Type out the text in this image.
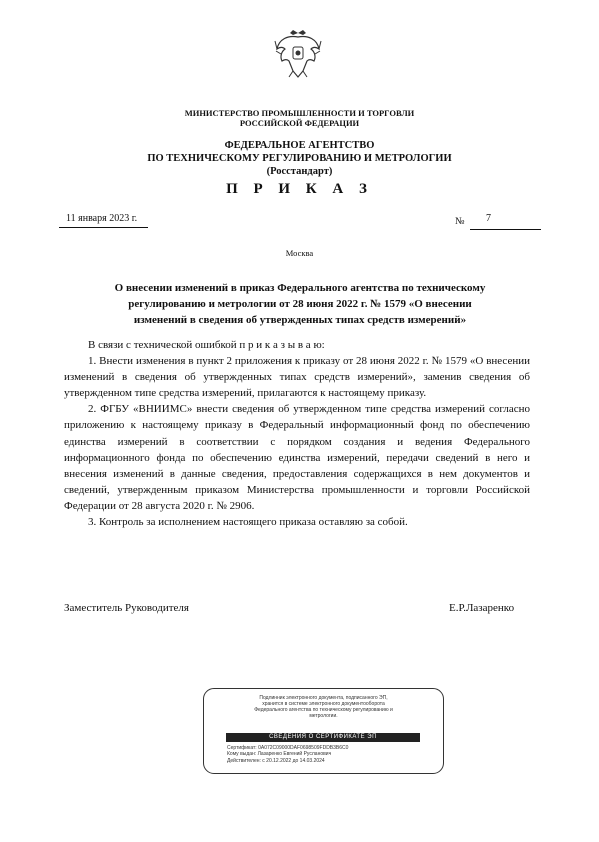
МИНИСТЕРСТВО ПРОМЫШЛЕННОСТИ И ТОРГОВЛИ
РОССИЙСКОЙ ФЕДЕРАЦИИ
ФЕДЕРАЛЬНОЕ АГЕНТСТВО
ПО ТЕХНИЧЕСКОМУ РЕГУЛИРОВАНИЮ И МЕТРОЛОГИИ
(Росстандарт)
П Р И К А З
11 января 2023 г.	№ 7
Москва
О внесении изменений в приказ Федерального агентства по техническому
регулированию и метрологии от 28 июня 2022 г. № 1579 «О внесении
изменений в сведения об утвержденных типах средств измерений»

В связи с технической ошибкой п р и к а з ы в а ю:

1. Внести изменения в пункт 2 приложения к приказу от 28 июня 2022 г. № 1579 «О внесении изменений в сведения об утвержденных типах средств измерений», заменив сведения об утвержденном типе средства измерений, прилагаются к настоящему приказу.

2. ФГБУ «ВНИИМС» внести сведения об утвержденном типе средства измерений согласно приложению к настоящему приказу в Федеральный информационный фонд по обеспечению единства измерений в соответствии с порядком создания и ведения Федерального информационного фонда по обеспечению единства измерений, передачи сведений в него и внесения изменений в данные сведения, предоставления содержащихся в нем документов и сведений, утвержденным приказом Министерства промышленности и торговли Российской Федерации от 28 августа 2020 г. № 2906.

3. Контроль за исполнением настоящего приказа оставляю за собой.

Заместитель Руководителя	Е.Р.Лазаренко
Подлинник электронного документа, подписанного ЭП,
хранится в системе электронного документооборота
Федерального агентства по техническому регулированию и
метрологии.
СВЕДЕНИЯ О СЕРТИФИКАТЕ ЭП
Сертификат: 0A072C09000DAF0698509FDDB3B6C0
Кому выдан: Лазаренко Евгений Русланович
Действителен: с 20.12.2022 до 14.03.2024
